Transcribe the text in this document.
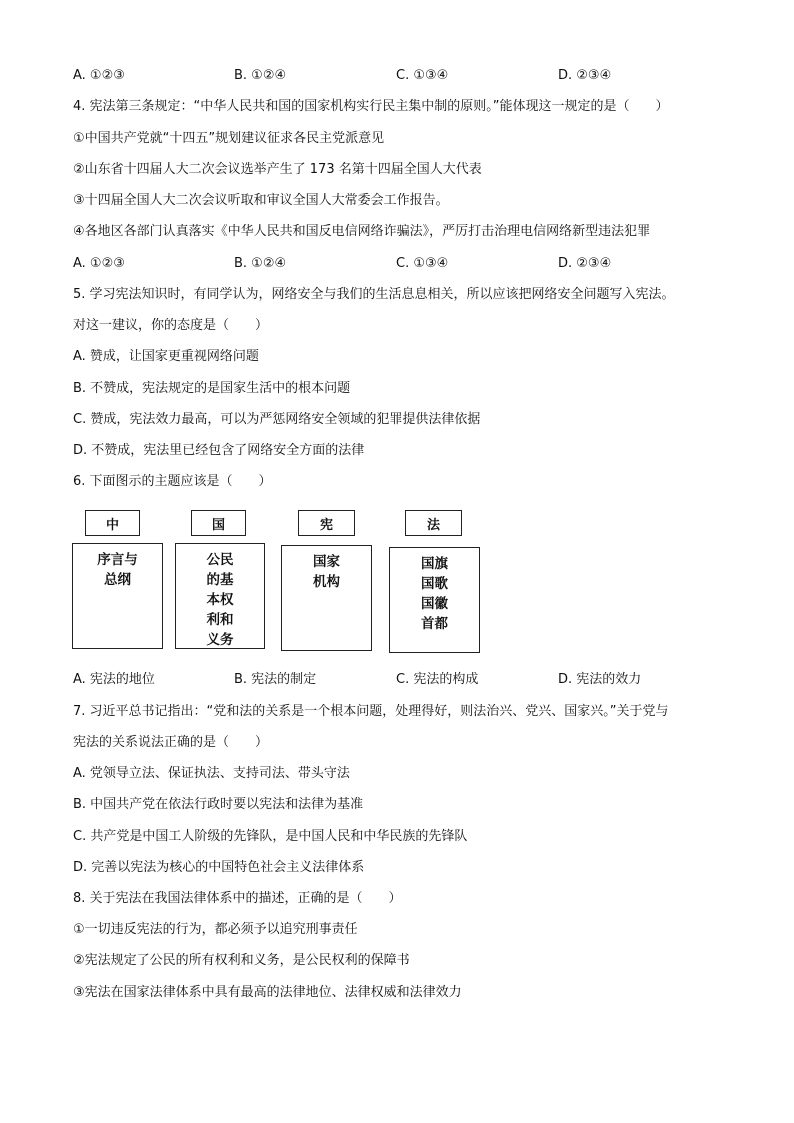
A. ①②③	B. ①②④	C. ①③④	D. ②③④
4. 宪法第三条规定：“中华人民共和国的国家机构实行民主集中制的原则。”能体现这一规定的是（　　）
①中国共产党就“十四五”规划建议征求各民主党派意见
②山东省十四届人大二次会议选举产生了 173 名第十四届全国人大代表
③十四届全国人大二次会议听取和审议全国人大常委会工作报告。
④各地区各部门认真落实《中华人民共和国反电信网络诈骗法》，严厉打击治理电信网络新型违法犯罪
A. ①②③	B. ①②④	C. ①③④	D. ②③④
5. 学习宪法知识时，有同学认为，网络安全与我们的生活息息相关，所以应该把网络安全问题写入宪法。
对这一建议，你的态度是（　　）
A. 赞成，让国家更重视网络问题
B. 不赞成，宪法规定的是国家生活中的根本问题
C. 赞成，宪法效力最高，可以为严惩网络安全领域的犯罪提供法律依据
D. 不赞成，宪法里已经包含了网络安全方面的法律
6. 下面图示的主题应该是（　　）
中	国	宪	法
序言与
总纲
公民
的基
本权
利和
义务
国家
机构
国旗
国歌
国徽
首都
A. 宪法的地位	B. 宪法的制定	C. 宪法的构成	D. 宪法的效力
7. 习近平总书记指出：“党和法的关系是一个根本问题，处理得好，则法治兴、党兴、国家兴。”关于党与
宪法的关系说法正确的是（　　）
A. 党领导立法、保证执法、支持司法、带头守法
B. 中国共产党在依法行政时要以宪法和法律为基准
C. 共产党是中国工人阶级的先锋队，是中国人民和中华民族的先锋队
D. 完善以宪法为核心的中国特色社会主义法律体系
8. 关于宪法在我国法律体系中的描述，正确的是（　　）
①一切违反宪法的行为，都必须予以追究刑事责任
②宪法规定了公民的所有权利和义务，是公民权利的保障书
③宪法在国家法律体系中具有最高的法律地位、法律权威和法律效力
